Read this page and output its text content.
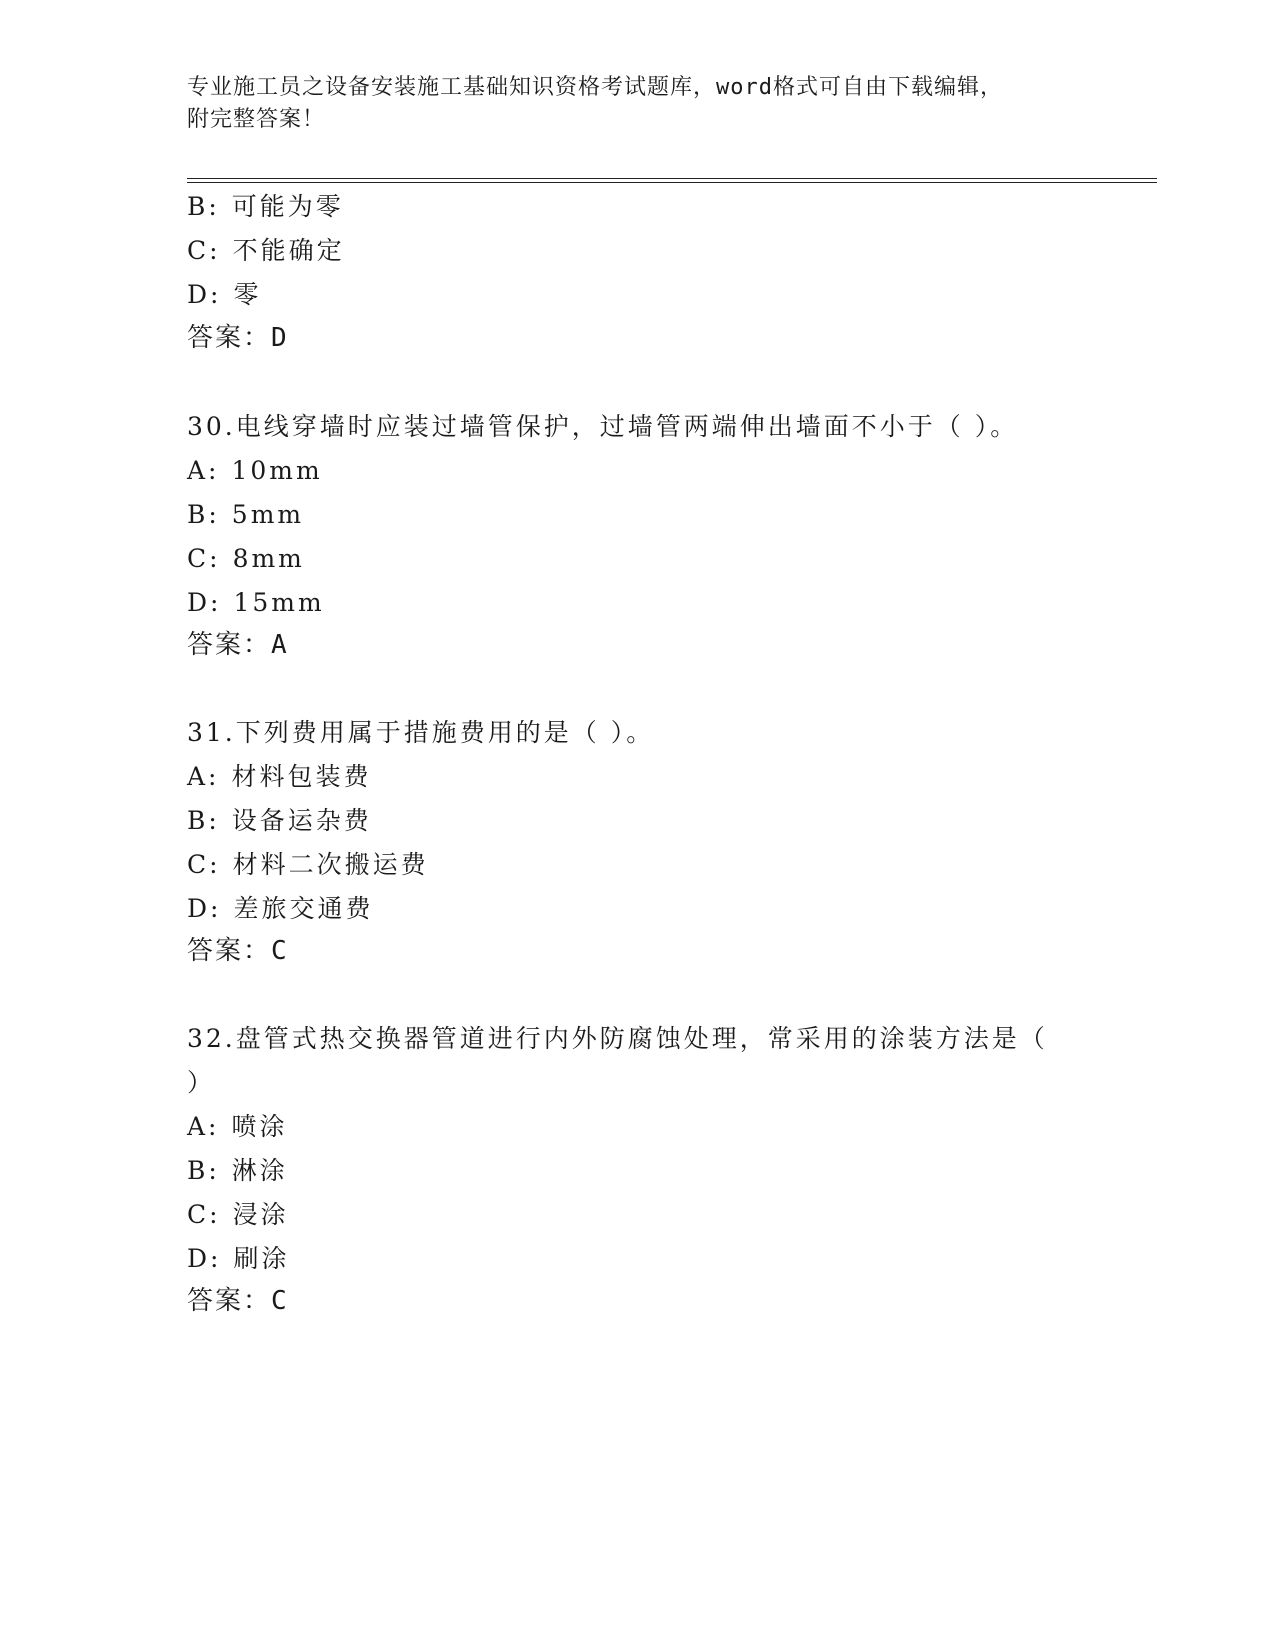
专业施工员之设备安装施工基础知识资格考试题库，word格式可自由下载编辑，
附完整答案！
B: 可能为零
C: 不能确定
D: 零
答案：D
30.电线穿墙时应装过墙管保护，过墙管两端伸出墙面不小于（ ）。
A: 10mm
B: 5mm
C: 8mm
D: 15mm
答案：A
31.下列费用属于措施费用的是（ ）。
A: 材料包装费
B: 设备运杂费
C: 材料二次搬运费
D: 差旅交通费
答案：C
32.盘管式热交换器管道进行内外防腐蚀处理，常采用的涂装方法是（
）
A: 喷涂
B: 淋涂
C: 浸涂
D: 刷涂
答案：C
